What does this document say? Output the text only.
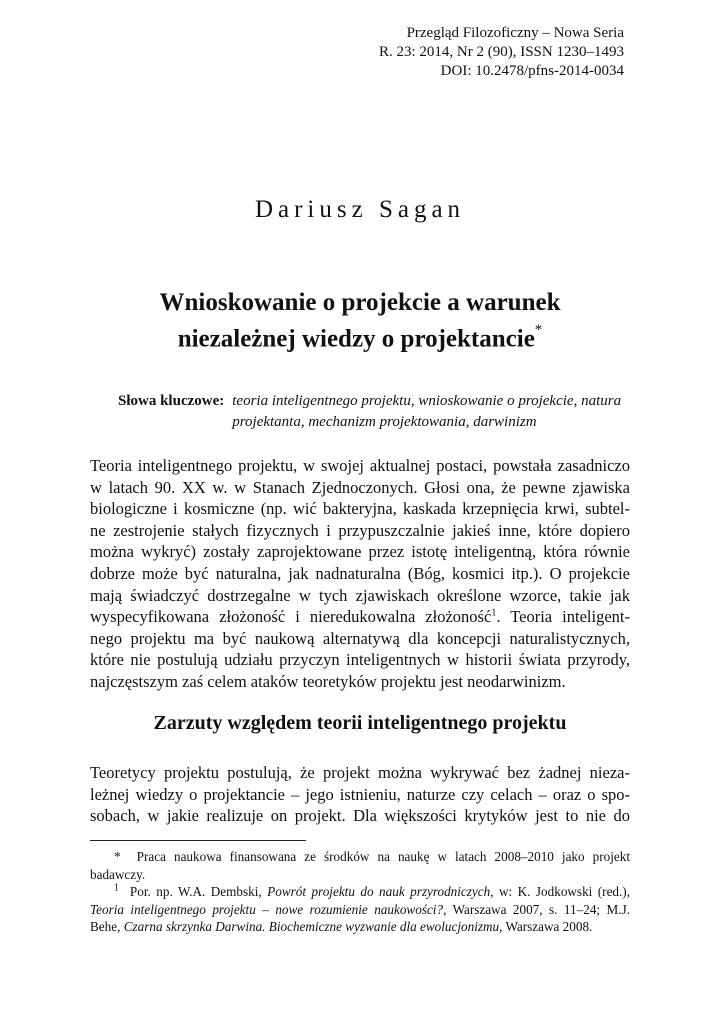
Przegląd Filozoficzny – Nowa Seria
R. 23: 2014, Nr 2 (90), ISSN 1230–1493
DOI: 10.2478/pfns-2014-0034
Dariusz Sagan
Wnioskowanie o projekcie a warunek
niezależnej wiedzy o projektancie*
Słowa kluczowe: teoria inteligentnego projektu, wnioskowanie o projekcie, natura
projektanta, mechanizm projektowania, darwinizm
Teoria inteligentnego projektu, w swojej aktualnej postaci, powstała zasadniczo
w latach 90. XX w. w Stanach Zjednoczonych. Głosi ona, że pewne zjawiska
biologiczne i kosmiczne (np. wić bakteryjna, kaskada krzepnięcia krwi, subtel-
ne zestrojenie stałych fizycznych i przypuszczalnie jakieś inne, które dopiero
można wykryć) zostały zaprojektowane przez istotę inteligentną, która równie
dobrze może być naturalna, jak nadnaturalna (Bóg, kosmici itp.). O projekcie
mają świadczyć dostrzegalne w tych zjawiskach określone wzorce, takie jak
wyspecyfikowana złożoność i nieredukowalna złożoność$^1$. Teoria inteligent-
nego projektu ma być naukową alternatywą dla koncepcji naturalistycznych,
które nie postulują udziału przyczyn inteligentnych w historii świata przyrody,
najczęstszym zaś celem ataków teoretyków projektu jest neodarwinizm.
Zarzuty względem teorii inteligentnego projektu
Teoretycy projektu postulują, że projekt można wykrywać bez żadnej nieza-
leżnej wiedzy o projektancie – jego istnieniu, naturze czy celach – oraz o spo-
sobach, w jakie realizuje on projekt. Dla większości krytyków jest to nie do
* Praca naukowa finansowana ze środków na naukę w latach 2008–2010 jako projekt
badawczy.
$^1$ Por. np. W.A. Dembski, Powrót projektu do nauk przyrodniczych, w: K. Jodkowski (red.),
Teoria inteligentnego projektu – nowe rozumienie naukowości?, Warszawa 2007, s. 11–24; M.J.
Behe, Czarna skrzynka Darwina. Biochemiczne wyzwanie dla ewolucjonizmu, Warszawa 2008.
